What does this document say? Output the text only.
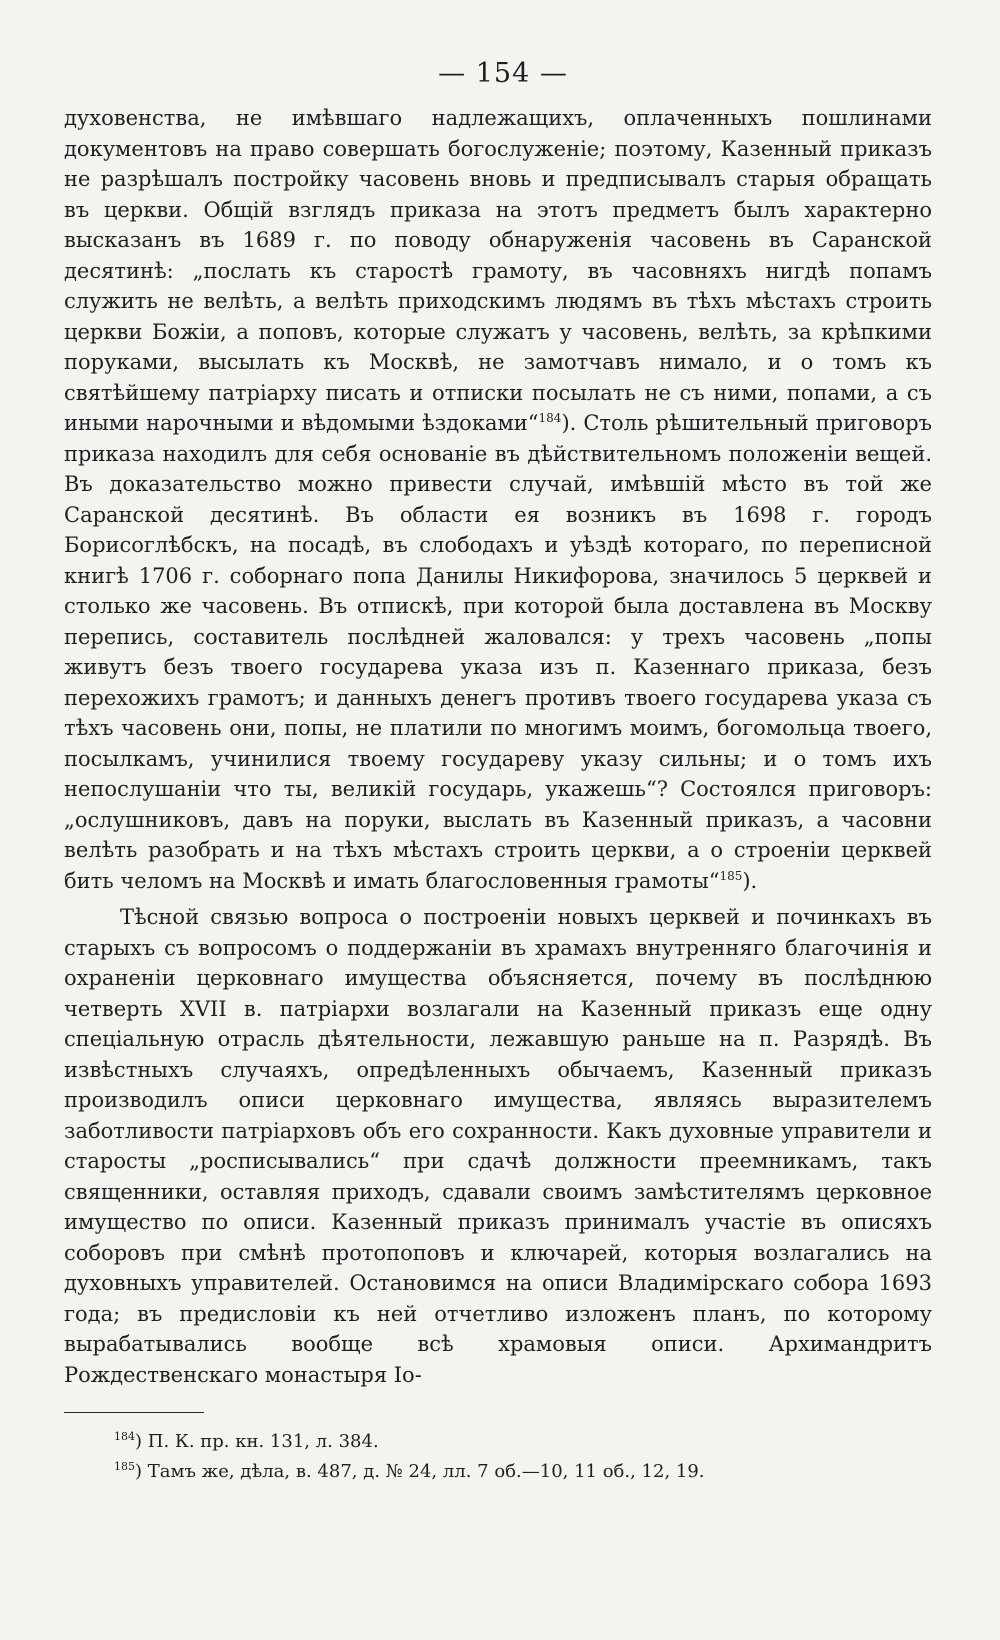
— 154 —

духовенства, не имѣвшаго надлежащихъ, оплаченныхъ пошлинами документовъ на право совершать богослуженіе; поэтому, Казенный приказъ не разрѣшалъ постройку часовень вновь и предписывалъ старыя обращать въ церкви. Общій взглядъ приказа на этотъ предметъ былъ характерно высказанъ въ 1689 г. по поводу обнаруженія часовень въ Саранской десятинѣ: „послать къ старостѣ грамоту, въ часовняхъ нигдѣ попамъ служить не велѣть, а велѣть приходскимъ людямъ въ тѣхъ мѣстахъ строить церкви Божіи, а поповъ, которые служатъ у часовень, велѣть, за крѣпкими поруками, высылать къ Москвѣ, не замотчавъ нимало, и о томъ къ святѣйшему патріарху писать и отписки посылать не съ ними, попами, а съ иными нарочными и вѣдомыми ѣздоками“$^{184}$). Столь рѣшительный приговоръ приказа находилъ для себя основаніе въ дѣйствительномъ положеніи вещей. Въ доказательство можно привести случай, имѣвшій мѣсто въ той же Саранской десятинѣ. Въ области ея возникъ въ 1698 г. городъ Борисоглѣбскъ, на посадѣ, въ слободахъ и уѣздѣ котораго, по переписной книгѣ 1706 г. соборнаго попа Данилы Никифорова, значилось 5 церквей и столько же часовень. Въ отпискѣ, при которой была доставлена въ Москву перепись, составитель послѣдней жаловался: у трехъ часовень „попы живутъ безъ твоего государева указа изъ п. Казеннаго приказа, безъ перехожихъ грамотъ; и данныхъ денегъ противъ твоего государева указа съ тѣхъ часовень они, попы, не платили по многимъ моимъ, богомольца твоего, посылкамъ, учинилися твоему государеву указу сильны; и о томъ ихъ непослушаніи что ты, великій государь, укажешь“? Состоялся приговоръ: „ослушниковъ, давъ на поруки, выслать въ Казенный приказъ, а часовни велѣть разобрать и на тѣхъ мѣстахъ строить церкви, а о строеніи церквей бить челомъ на Москвѣ и имать благословенныя грамоты“$^{185}$).

Тѣсной связью вопроса о построеніи новыхъ церквей и починкахъ въ старыхъ съ вопросомъ о поддержаніи въ храмахъ внутренняго благочинія и охраненіи церковнаго имущества объясняется, почему въ послѣднюю четверть XVII в. патріархи возлагали на Казенный приказъ еще одну спеціальную отрасль дѣятельности, лежавшую раньше на п. Разрядѣ. Въ извѣстныхъ случаяхъ, опредѣленныхъ обычаемъ, Казенный приказъ производилъ описи церковнаго имущества, являясь выразителемъ заботливости патріарховъ объ его сохранности. Какъ духовные управители и старосты „росписывались“ при сдачѣ должности преемникамъ, такъ священники, оставляя приходъ, сдавали своимъ замѣстителямъ церковное имущество по описи. Казенный приказъ принималъ участіе въ описяхъ соборовъ при смѣнѣ протопоповъ и ключарей, которыя возлагались на духовныхъ управителей. Остановимся на описи Владимірскаго собора 1693 года; въ предисловіи къ ней отчетливо изложенъ планъ, по которому вырабатывались вообще всѣ храмовыя описи. Архимандритъ Рождественскаго монастыря Іо-

$^{184}$) П. К. пр. кн. 131, л. 384.
$^{185}$) Тамъ же, дѣла, в. 487, д. № 24, лл. 7 об.—10, 11 об., 12, 19.
